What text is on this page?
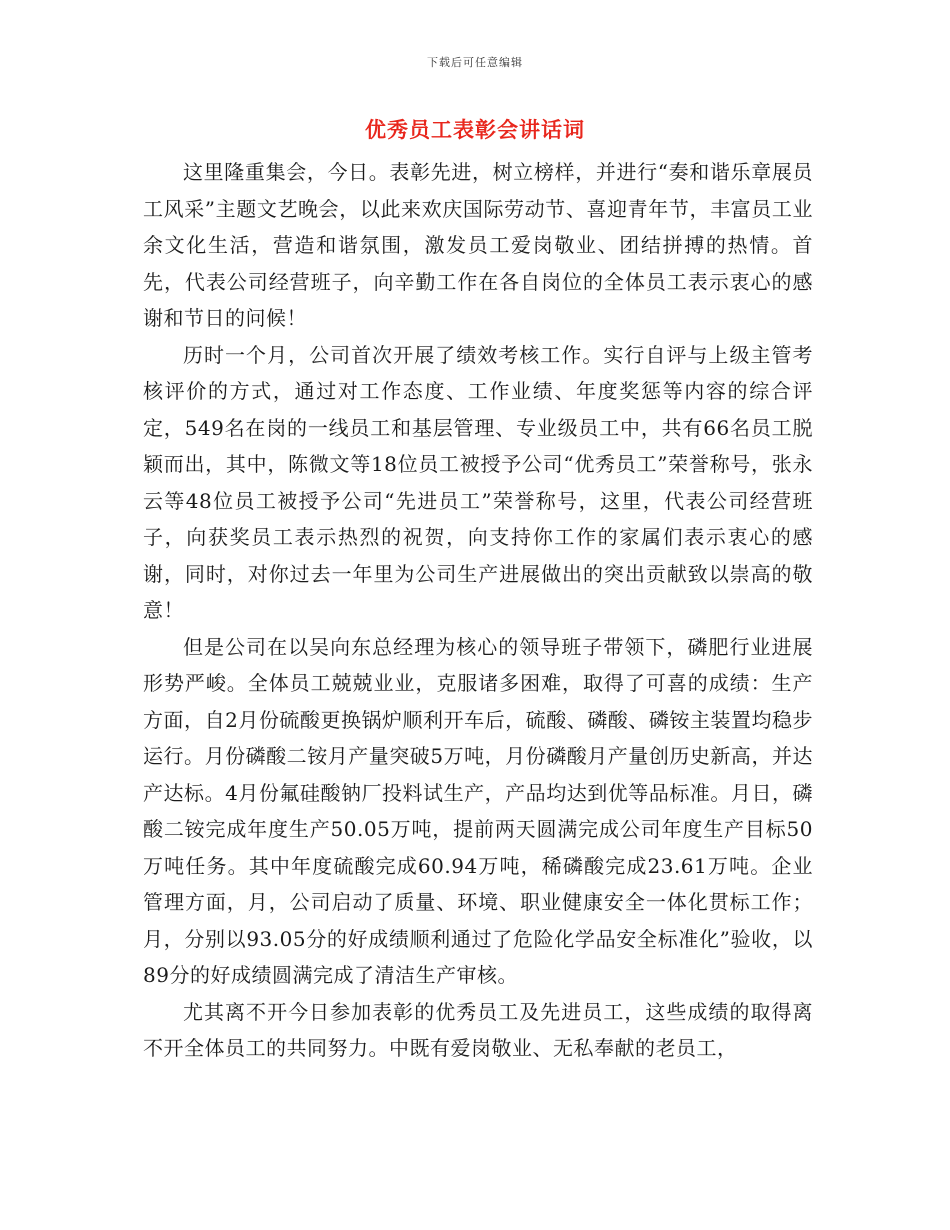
下载后可任意编辑
优秀员工表彰会讲话词

这里隆重集会，今日。表彰先进，树立榜样，并进行“奏和谐乐章展员工风采”主题文艺晚会，以此来欢庆国际劳动节、喜迎青年节，丰富员工业余文化生活，营造和谐氛围，激发员工爱岗敬业、团结拼搏的热情。首先，代表公司经营班子，向辛勤工作在各自岗位的全体员工表示衷心的感谢和节日的问候！

历时一个月，公司首次开展了绩效考核工作。实行自评与上级主管考核评价的方式，通过对工作态度、工作业绩、年度奖惩等内容的综合评定，549名在岗的一线员工和基层管理、专业级员工中，共有66名员工脱颖而出，其中，陈微文等18位员工被授予公司“优秀员工”荣誉称号，张永云等48位员工被授予公司“先进员工”荣誉称号，这里，代表公司经营班子，向获奖员工表示热烈的祝贺，向支持你工作的家属们表示衷心的感谢，同时，对你过去一年里为公司生产进展做出的突出贡献致以崇高的敬意！

但是公司在以吴向东总经理为核心的领导班子带领下，磷肥行业进展形势严峻。全体员工兢兢业业，克服诸多困难，取得了可喜的成绩：生产方面，自2月份硫酸更换锅炉顺利开车后，硫酸、磷酸、磷铵主装置均稳步运行。月份磷酸二铵月产量突破5万吨，月份磷酸月产量创历史新高，并达产达标。4月份氟硅酸钠厂投料试生产，产品均达到优等品标准。月日，磷酸二铵完成年度生产50.05万吨，提前两天圆满完成公司年度生产目标50万吨任务。其中年度硫酸完成60.94万吨，稀磷酸完成23.61万吨。企业管理方面，月，公司启动了质量、环境、职业健康安全一体化贯标工作；月，分别以93.05分的好成绩顺利通过了危险化学品安全标准化”验收，以89分的好成绩圆满完成了清洁生产审核。

尤其离不开今日参加表彰的优秀员工及先进员工，这些成绩的取得离不开全体员工的共同努力。中既有爱岗敬业、无私奉献的老员工，
